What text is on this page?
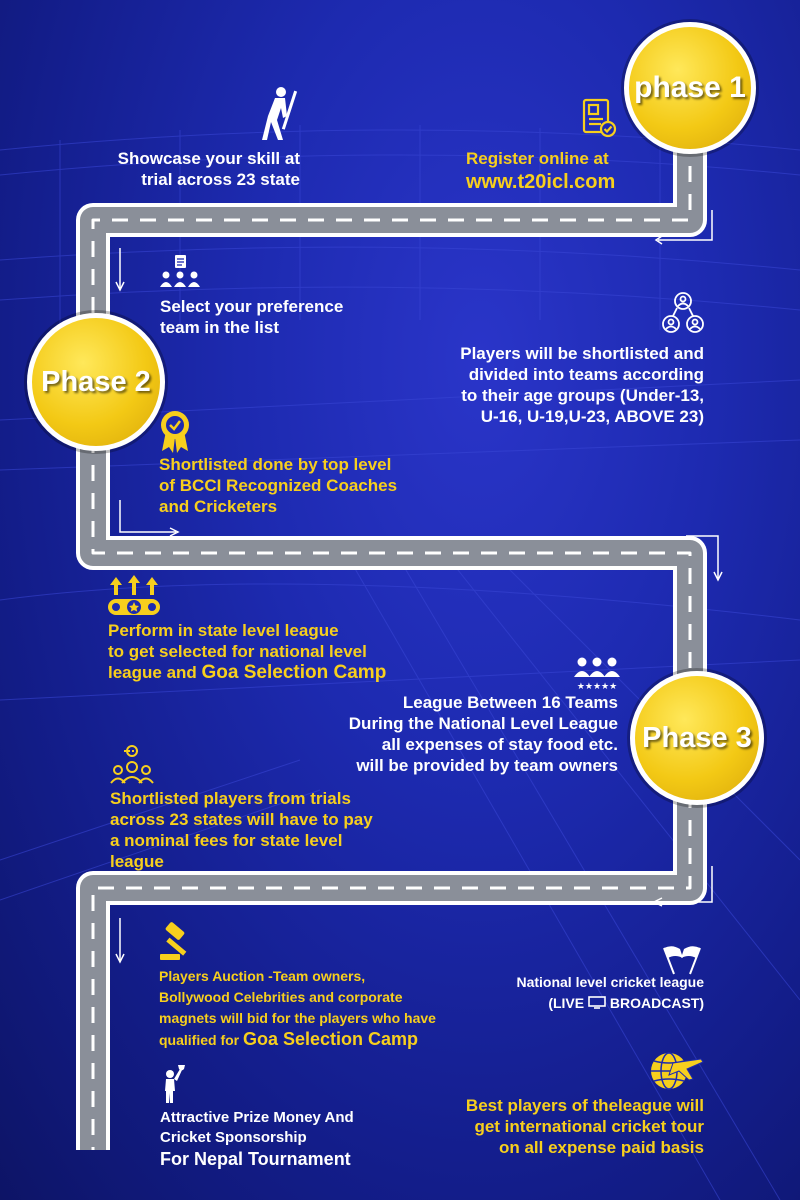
phase 1
Phase 2
Phase 3
★★★★★
Showcase your skill at
trial across 23 state
Register online at
www.t20icl.com
Select your preference
team in the list
Players will be shortlisted and
divided into teams according
to their age groups (Under-13,
U-16, U-19,U-23, ABOVE 23)
Shortlisted done by top level
of BCCI Recognized Coaches
and Cricketers
Perform in state level league
to get selected for national level
league and Goa Selection Camp
League Between 16 Teams
During the National Level League
all expenses of stay food etc.
will be provided by team owners
Shortlisted players from trials
across 23 states will have to pay
a nominal fees for state level
league
Players Auction -Team owners,
Bollywood Celebrities and corporate
magnets will bid for the players who have
qualified for Goa Selection Camp
National level cricket league
(LIVE  BROADCAST)
Best players of theleague will
get international cricket tour
on all expense paid basis
Attractive Prize Money And
Cricket Sponsorship
For Nepal Tournament
